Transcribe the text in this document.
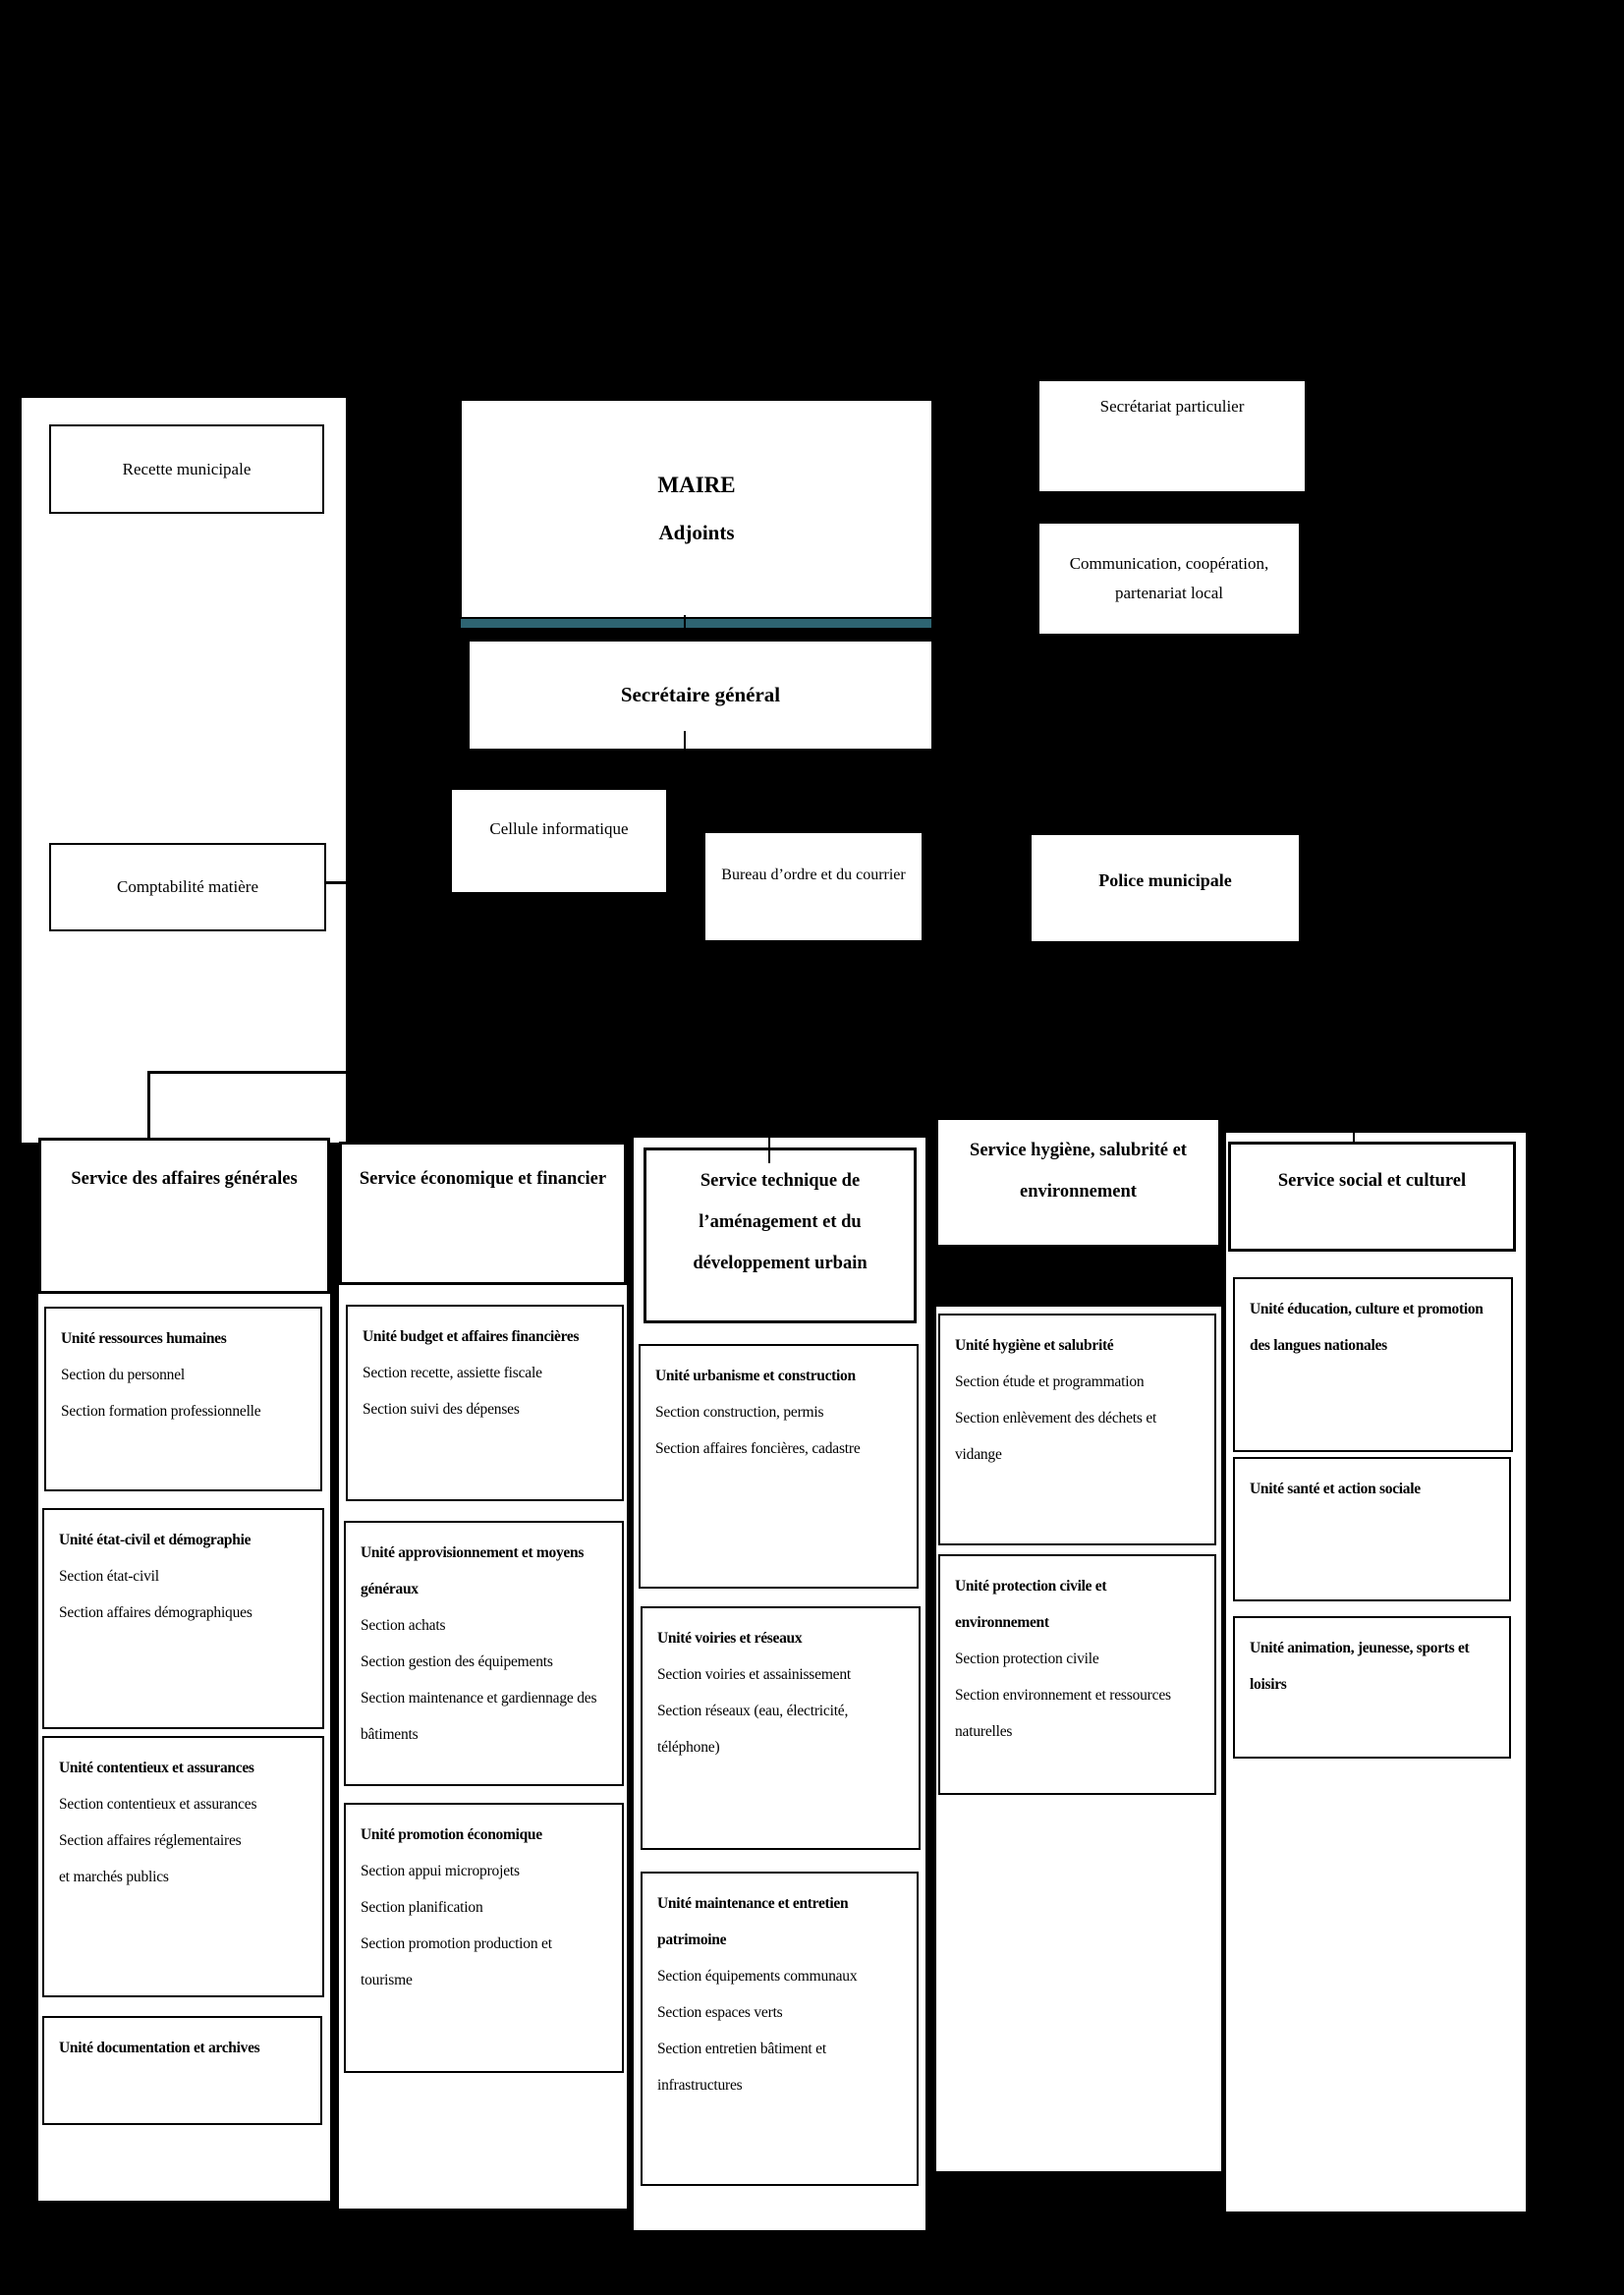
Recette municipale
Comptabilité matière
MAIRE
Adjoints
Secrétaire général
Secrétariat particulier
Communication, coopération,
partenariat local
Cellule informatique
Bureau d’ordre et du courrier	Police municipale
Service des affaires générales
Unité ressources humaines
Section du personnel
Section formation professionnelle
Unité état-civil et démographie
Section état-civil
Section affaires démographiques
Unité contentieux et assurances
Section contentieux et assurances
Section affaires réglementaires
et marchés publics
Unité documentation et archives
Service économique et financier
Unité budget et affaires financières
Section recette, assiette fiscale
Section suivi des dépenses
Unité approvisionnement et moyens
généraux
Section achats
Section gestion des équipements
Section maintenance et gardiennage des
bâtiments
Unité promotion économique
Section appui microprojets
Section planification
Section promotion production et
tourisme
Service technique de
l’aménagement et du
développement urbain
Unité urbanisme et construction
Section construction, permis
Section affaires foncières, cadastre
Unité voiries et réseaux
Section voiries et assainissement
Section réseaux (eau, électricité,
téléphone)
Unité maintenance et entretien
patrimoine
Section équipements communaux
Section espaces verts
Section entretien bâtiment et
infrastructures
Service hygiène, salubrité et
environnement
Unité hygiène et salubrité
Section étude et programmation
Section enlèvement des déchets et
vidange
Unité protection civile et
environnement
Section protection civile
Section environnement et ressources
naturelles
Service social et culturel
Unité éducation, culture et promotion
des langues nationales
Unité santé et action sociale
Unité animation, jeunesse, sports et
loisirs
